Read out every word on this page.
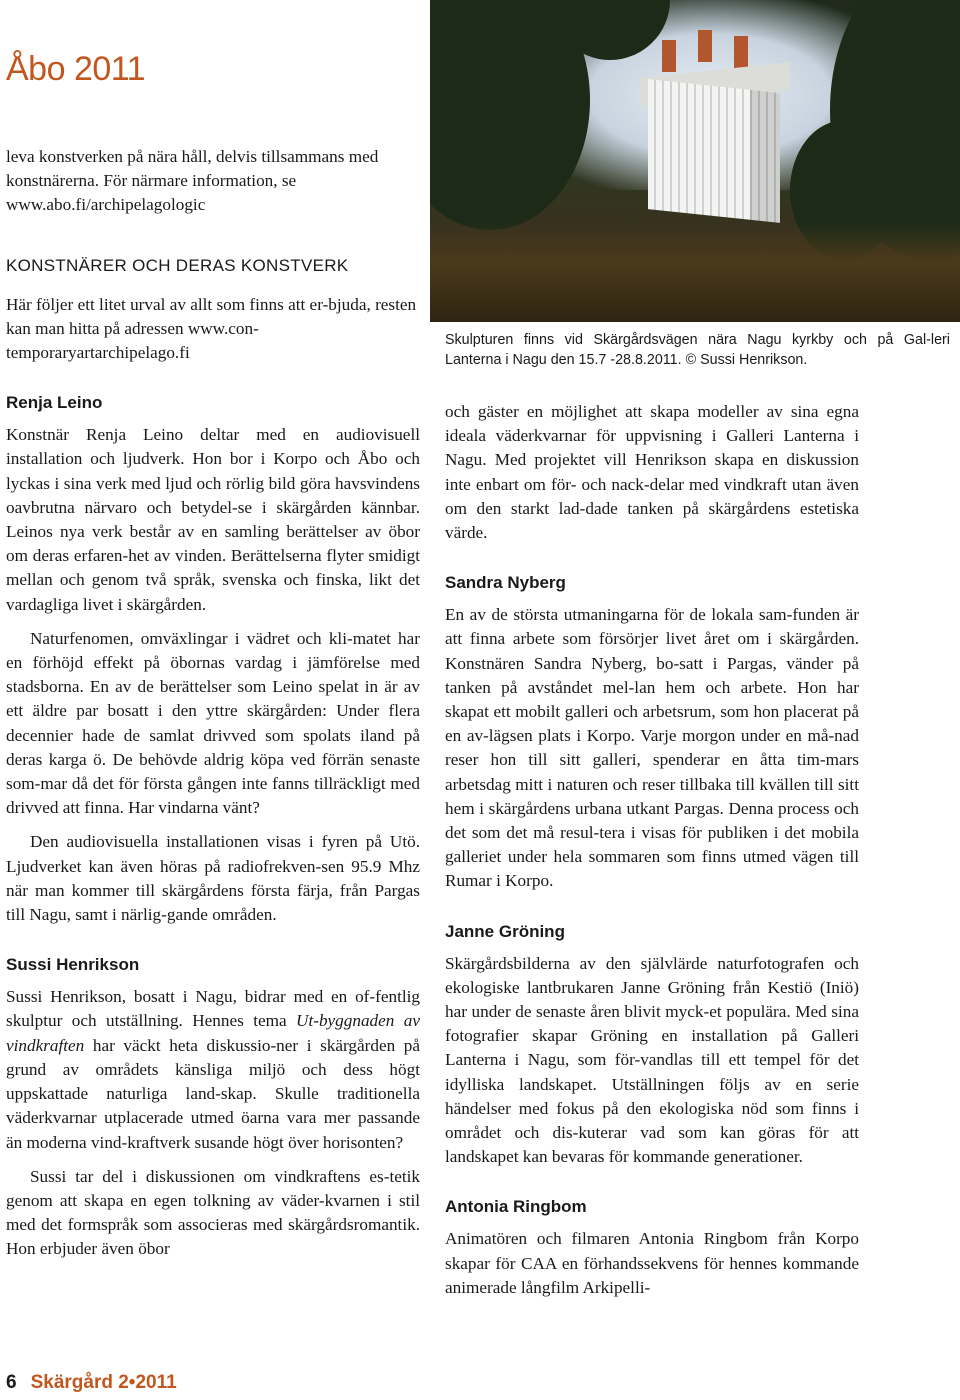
Åbo 2011

Skulpturen finns vid Skärgårdsvägen nära Nagu kyrkby och på Gal-leri Lanterna i Nagu den 15.7 -28.8.2011. © Sussi Henrikson.

leva konstverken på nära håll, delvis tillsammans med konstnärerna. För närmare information, se www.abo.fi/archipelagologic

KONSTNÄRER OCH DERAS KONSTVERK

Här följer ett litet urval av allt som finns att er-bjuda, resten kan man hitta på adressen www.con-temporaryartarchipelago.fi

Renja Leino

Konstnär Renja Leino deltar med en audiovisuell installation och ljudverk. Hon bor i Korpo och Åbo och lyckas i sina verk med ljud och rörlig bild göra havsvindens oavbrutna närvaro och betydel-se i skärgården kännbar. Leinos nya verk består av en samling berättelser av öbor om deras erfaren-het av vinden. Berättelserna flyter smidigt mellan och genom två språk, svenska och finska, likt det vardagliga livet i skärgården.

Naturfenomen, omväxlingar i vädret och kli-matet har en förhöjd effekt på öbornas vardag i jämförelse med stadsborna. En av de berättelser som Leino spelat in är av ett äldre par bosatt i den yttre skärgården: Under flera decennier hade de samlat drivved som spolats iland på deras karga ö. De behövde aldrig köpa ved förrän senaste som-mar då det för första gången inte fanns tillräckligt med drivved att finna. Har vindarna vänt?

Den audiovisuella installationen visas i fyren på Utö. Ljudverket kan även höras på radiofrekven-sen 95.9 Mhz när man kommer till skärgårdens första färja, från Pargas till Nagu, samt i närlig-gande områden.

Sussi Henrikson

Sussi Henrikson, bosatt i Nagu, bidrar med en of-fentlig skulptur och utställning. Hennes tema Ut-byggnaden av vindkraften har väckt heta diskussio-ner i skärgården på grund av områdets känsliga miljö och dess högt uppskattade naturliga land-skap. Skulle traditionella väderkvarnar utplacerade utmed öarna vara mer passande än moderna vind-kraftverk susande högt över horisonten?

Sussi tar del i diskussionen om vindkraftens es-tetik genom att skapa en egen tolkning av väder-kvarnen i stil med det formspråk som associeras med skärgårdsromantik. Hon erbjuder även öbor

och gäster en möjlighet att skapa modeller av sina egna ideala väderkvarnar för uppvisning i Galleri Lanterna i Nagu. Med projektet vill Henrikson skapa en diskussion inte enbart om för- och nack-delar med vindkraft utan även om den starkt lad-dade tanken på skärgårdens estetiska värde.

Sandra Nyberg

En av de största utmaningarna för de lokala sam-funden är att finna arbete som försörjer livet året om i skärgården. Konstnären Sandra Nyberg, bo-satt i Pargas, vänder på tanken på avståndet mel-lan hem och arbete. Hon har skapat ett mobilt galleri och arbetsrum, som hon placerat på en av-lägsen plats i Korpo. Varje morgon under en må-nad reser hon till sitt galleri, spenderar en åtta tim-mars arbetsdag mitt i naturen och reser tillbaka till kvällen till sitt hem i skärgårdens urbana utkant Pargas. Denna process och det som det må resul-tera i visas för publiken i det mobila galleriet under hela sommaren som finns utmed vägen till Rumar i Korpo.

Janne Gröning

Skärgårdsbilderna av den självlärde naturfotografen och ekologiske lantbrukaren Janne Gröning från Kestiö (Iniö) har under de senaste åren blivit myck-et populära. Med sina fotografier skapar Gröning en installation på Galleri Lanterna i Nagu, som för-vandlas till ett tempel för det idylliska landskapet. Utställningen följs av en serie händelser med fokus på den ekologiska nöd som finns i området och dis-kuterar vad som kan göras för att landskapet kan bevaras för kommande generationer.

Antonia Ringbom

Animatören och filmaren Antonia Ringbom från Korpo skapar för CAA en förhandssekvens för hennes kommande animerade långfilm Arkipelli-

6 Skärgård 2•2011
